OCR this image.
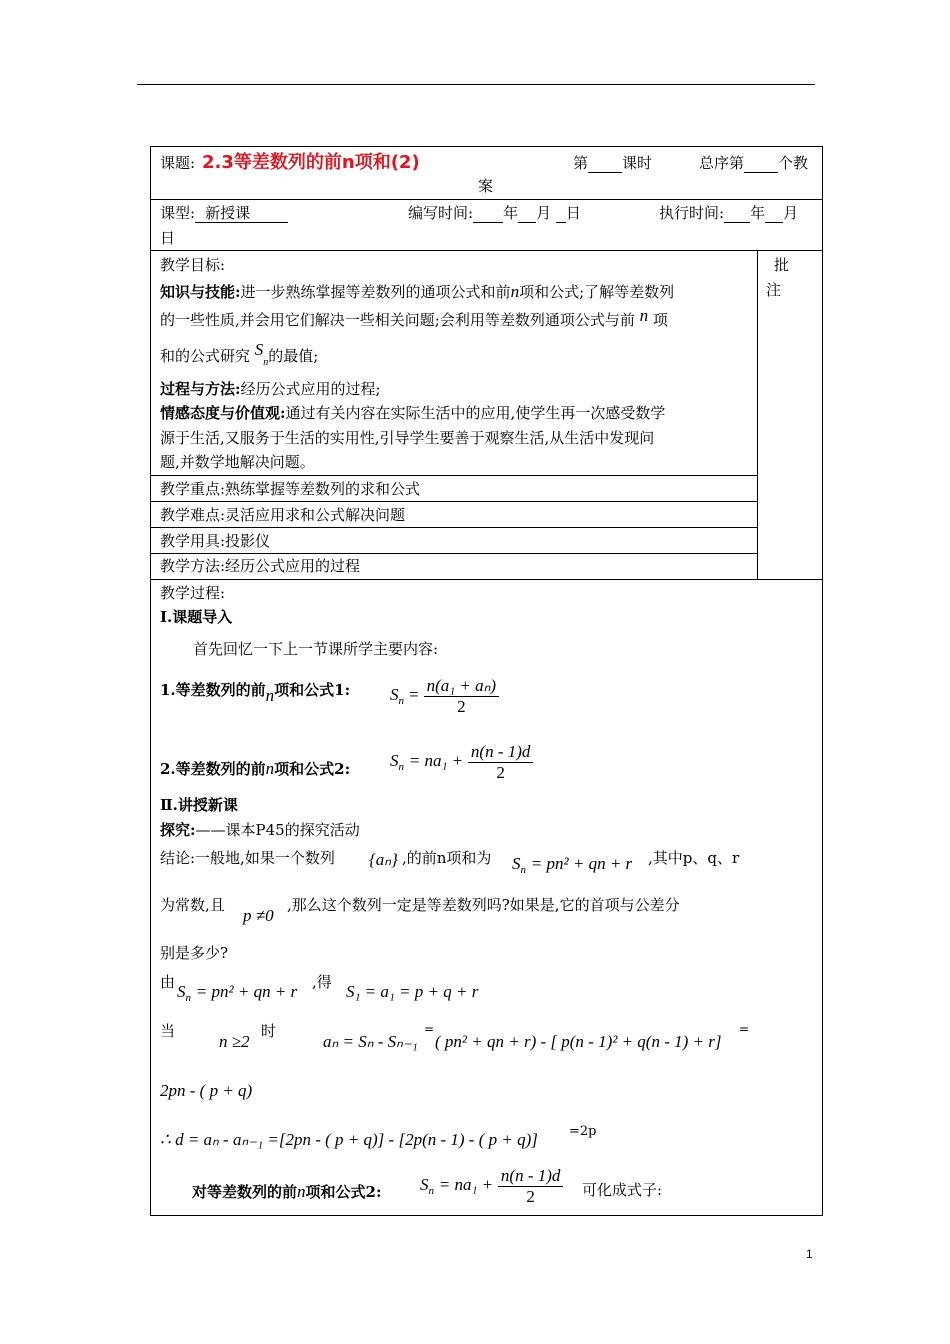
课题: 2.3等差数列的前n项和(2)	第 课时	总序第 个教
案
课型: 新授课	编写时间: 年 月 日	执行时间: 年 月
日
教学目标:
知识与技能:进一步熟练掌握等差数列的通项公式和前n项和公式;了解等差数列
的一些性质,并会用它们解决一些相关问题;会利用等差数列通项公式与前 n 项
和的公式研究 $S_n$的最值;
过程与方法:经历公式应用的过程;
情感态度与价值观:通过有关内容在实际生活中的应用,使学生再一次感受数学
源于生活,又服务于生活的实用性,引导学生要善于观察生活,从生活中发现问
题,并数学地解决问题。
批
注
教学重点:熟练掌握等差数列的求和公式
教学难点:灵活应用求和公式解决问题
教学用具:投影仪
教学方法:经历公式应用的过程
教学过程:
Ⅰ.课题导入
首先回忆一下上一节课所学主要内容:
1.等差数列的前n项和公式1: $S_n = \frac{\text{n(a₁ + aₙ)}}{2}$
2.等差数列的前n项和公式2: $S_n = na_1 + \frac{n(n - 1)d}{2}$
Ⅱ.讲授新课
探究:——课本P45的探究活动
结论:一般地,如果一个数列 {aₙ} ,的前n项和为 $S_n = pn^2$ + qn + r ,其中p、q、r
为常数,且
p ≠0
,那么这个数列一定是等差数列吗?如果是,它的首项与公差分
别是多少?
由 $S_n = pn^2$ + qn + r ,得 S₁ = a₁ = p + q + r
当
n ≥2
时
aₙ = Sₙ - Sₙ₋₁
=
( pn² + qn + r) - [ p(n - 1)² + q(n - 1) + r]
=
2pn - ( p + q)
∴ d = aₙ - aₙ₋₁ =[2pn - ( p + q)] - [2p(n - 1) - ( p + q)] =2p
对等差数列的前n项和公式2: $S_n = na_1 + \frac{n(n - 1)d}{2}$ 可化成式子:
1
